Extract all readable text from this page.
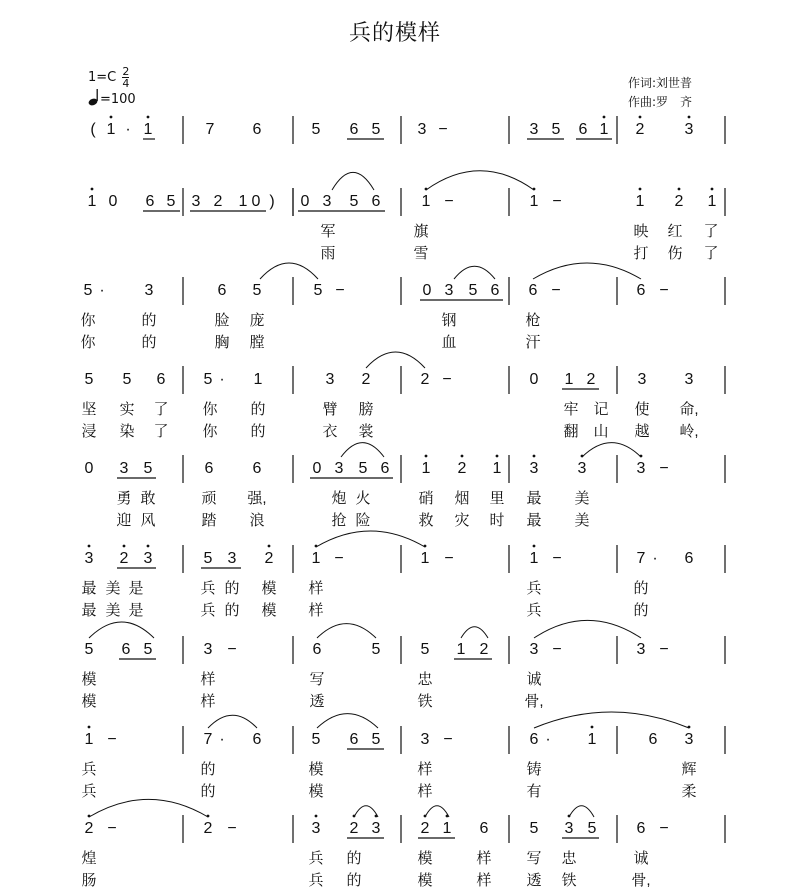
兵的模样
$1=C \frac{2}{4}$
=100
作词:刘世普
作曲:罗　齐
( 1 · 1	7 6	5 6 5 3 −	3 5 6 1 2	3
1 0 6 5 3 2 1 0 ) 0 3 5 6	1 −	1 −	1 2 1
军	旗	映 红 了
雨	雪	打 伤 了
5 · 3	6 5	5 −	0 3 5 6 6 −	6 −
你	的	脸 庞	钢	枪
你	的	胸 膛	血	汗
5 5 6 5 · 1	3 2	2 −	0 1 2	3 3
坚 实 了 你 的	臂 膀	牢 记 使 命,
浸 染 了 你 的	衣 裳	翻 山 越 岭,
0 3 5	6 6	0 3 5 6 1 2 1 3 3	3 −
勇 敢	顽 强,	炮 火	硝 烟 里 最 美
迎 风	踏 浪	抢 险	救 灾 时 最 美
3 2 3	5 3 2 1 −	1 −	1 −	7 · 6
最 美 是	兵 的 模 样	兵	的
最 美 是	兵 的 模 样	兵	的
5 6 5	3 −	6	5	5 1 2	3 −	3 −
模	样	写	忠	诚
模	样	透	铁	骨,
1 −	7 · 6	5 6 5	3 −	6 · 1	6 3
兵	的	模	样	铸	辉
兵	的	模	样	有	柔
2 −	2 −	3 2 3	2 1 6	5 3 5	6 −
煌	兵 的	模	样 写 忠	诚
肠	兵 的	模	样 透 铁	骨,
